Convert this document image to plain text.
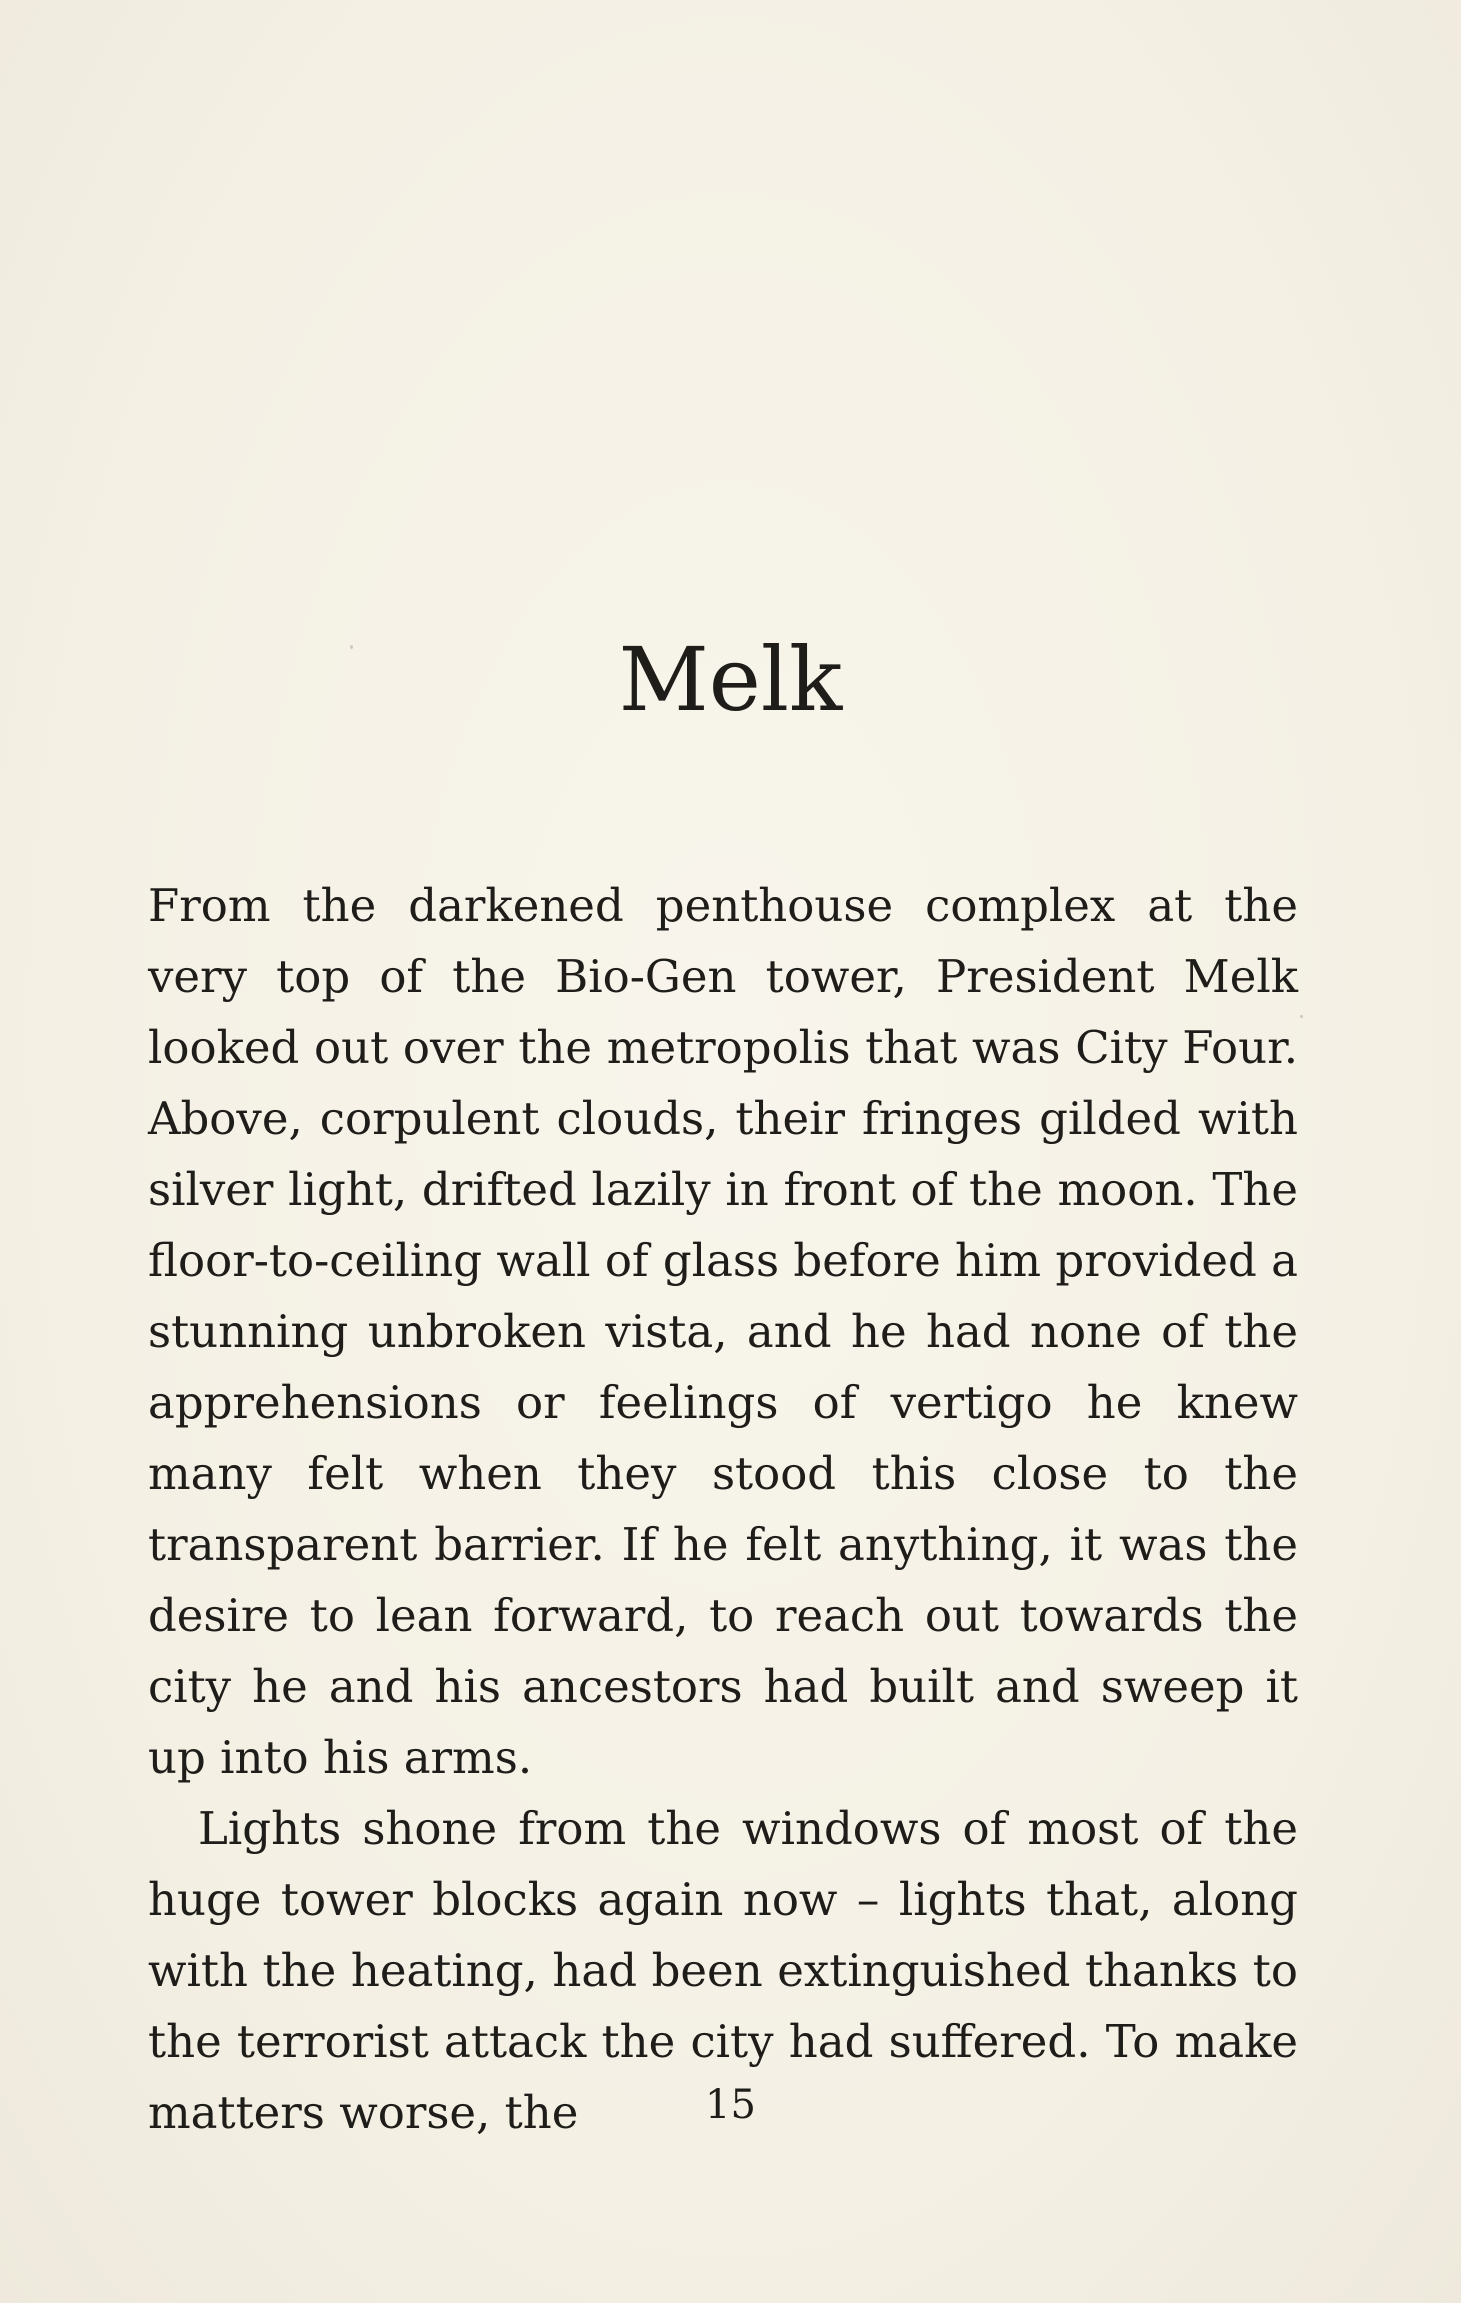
Melk

From the darkened penthouse complex at the very top of the Bio-Gen tower, President Melk looked out over the metropolis that was City Four. Above, corpulent clouds, their fringes gilded with silver light, drifted lazily in front of the moon. The floor-to-ceiling wall of glass before him provided a stunning unbroken vista, and he had none of the apprehensions or feelings of vertigo he knew many felt when they stood this close to the transparent barrier. If he felt anything, it was the desire to lean forward, to reach out towards the city he and his ancestors had built and sweep it up into his arms.

Lights shone from the windows of most of the huge tower blocks again now – lights that, along with the heating, had been extinguished thanks to the terrorist attack the city had suffered. To make matters worse, the	15
